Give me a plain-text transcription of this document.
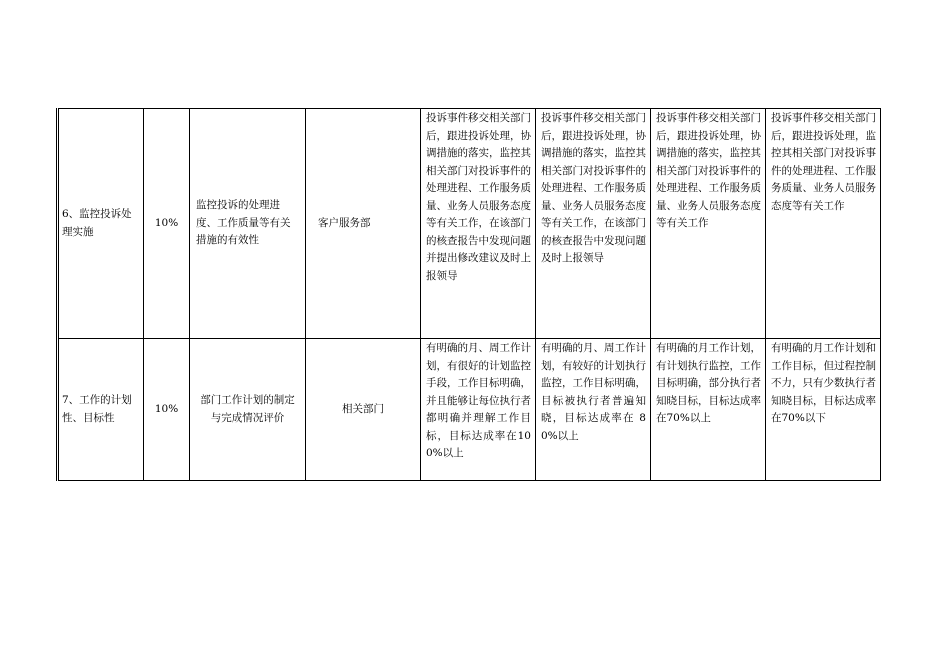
6、监控投诉处理实施	10%	监控投诉的处理进度、工作质量等有关措施的有效性	客户服务部	投诉事件移交相关部门后，跟进投诉处理，协调措施的落实，监控其相关部门对投诉事件的处理进程、工作服务质量、业务人员服务态度等有关工作，在该部门的核查报告中发现问题并提出修改建议及时上报领导	投诉事件移交相关部门后，跟进投诉处理，协调措施的落实，监控其相关部门对投诉事件的处理进程、工作服务质量、业务人员服务态度等有关工作，在该部门的核查报告中发现问题及时上报领导	投诉事件移交相关部门后，跟进投诉处理，协调措施的落实，监控其相关部门对投诉事件的处理进程、工作服务质量、业务人员服务态度等有关工作	投诉事件移交相关部门后，跟进投诉处理，监控其相关部门对投诉事件的处理进程、工作服务质量、业务人员服务态度等有关工作
7、工作的计划性、目标性	10%	部门工作计划的制定与完成情况评价	相关部门	有明确的月、周工作计划，有很好的计划监控手段，工作目标明确，并且能够让每位执行者都明确并理解工作目标，目标达成率在100%以上	有明确的月、周工作计划，有较好的计划执行监控，工作目标明确，目标被执行者普遍知晓，目标达成率在 80%以上	有明确的月工作计划，有计划执行监控，工作目标明确，部分执行者知晓目标，目标达成率在70%以上	有明确的月工作计划和工作目标，但过程控制不力，只有少数执行者知晓目标，目标达成率在70%以下
